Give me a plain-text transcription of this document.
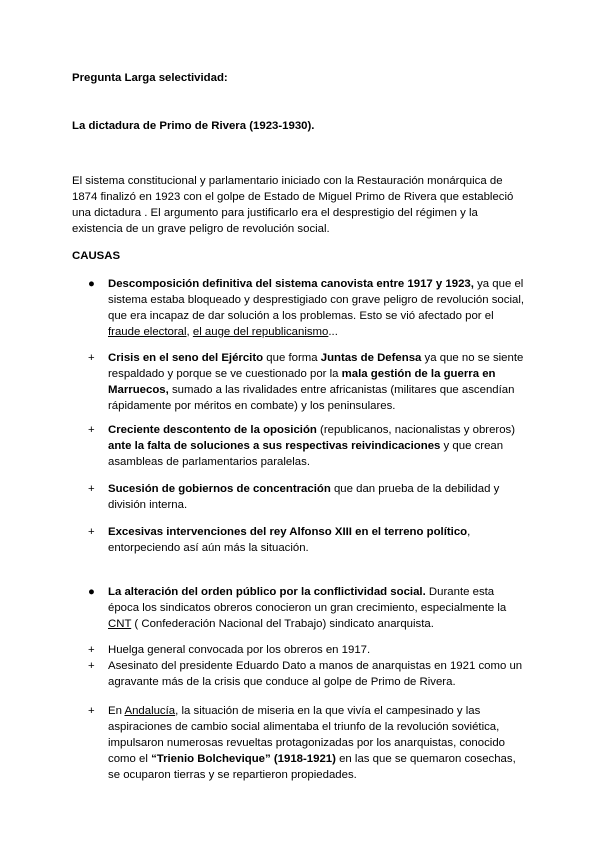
Pregunta Larga selectividad:

La dictadura de Primo de Rivera (1923-1930).

El sistema constitucional y parlamentario iniciado con la Restauración monárquica de 1874 finalizó en 1923 con el golpe de Estado de Miguel Primo de Rivera que estableció una dictadura . El argumento para justificarlo era el desprestigio del régimen y la existencia de un grave peligro de revolución social.

CAUSAS

●	Descomposición definitiva del sistema canovista entre 1917 y 1923, ya que el sistema estaba bloqueado y desprestigiado con grave peligro de revolución social, que era incapaz de dar solución a los problemas. Esto se vió afectado por el fraude electoral, el auge del republicanismo...

+	Crisis en el seno del Ejército que forma Juntas de Defensa ya que no se siente respaldado y porque se ve cuestionado por la mala gestión de la guerra en Marruecos, sumado a las rivalidades entre africanistas (militares que ascendían rápidamente por méritos en combate) y los peninsulares.

+	Creciente descontento de la oposición (republicanos, nacionalistas y obreros) ante la falta de soluciones a sus respectivas reivindicaciones y que crean asambleas de parlamentarios paralelas.

+	Sucesión de gobiernos de concentración que dan prueba de la debilidad y división interna.

+	Excesivas intervenciones del rey Alfonso XIII en el terreno político, entorpeciendo así aún más la situación.

●	La alteración del orden público por la conflictividad social. Durante esta época los sindicatos obreros conocieron un gran crecimiento, especialmente la CNT ( Confederación Nacional del Trabajo) sindicato anarquista.

+	Huelga general convocada por los obreros en 1917.

+	Asesinato del presidente Eduardo Dato a manos de anarquistas en 1921 como un agravante más de la crisis que conduce al golpe de Primo de Rivera.

+	En Andalucía, la situación de miseria en la que vivía el campesinado y las aspiraciones de cambio social alimentaba el triunfo de la revolución soviética, impulsaron numerosas revueltas protagonizadas por los anarquistas, conocido como el “Trienio Bolchevique” (1918-1921) en las que se quemaron cosechas, se ocuparon tierras y se repartieron propiedades.
